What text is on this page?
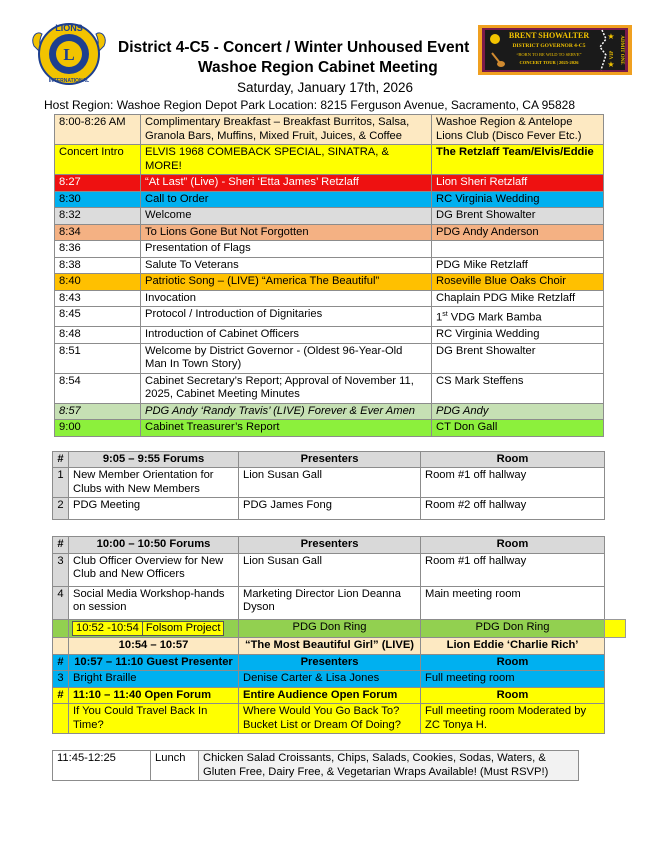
L
LIONS
INTERNATIONAL
BRENT SHOWALTER
DISTRICT GOVERNOR 4-C5
“BORN TO BE WILD TO SERVE”
CONCERT TOUR | 2025-2026
★
★
VIP ADMIT ONE
District 4-C5 - Concert / Winter Unhoused Event
Washoe Region Cabinet Meeting
Saturday, January 17th, 2026
Host Region: Washoe Region Depot Park Location: 8215 Ferguson Avenue, Sacramento, CA 95828
8:00-8:26 AM	Complimentary Breakfast – Breakfast Burritos, Salsa, Granola Bars, Muffins, Mixed Fruit, Juices, & Coffee	Washoe Region & Antelope Lions Club (Disco Fever Etc.)
Concert Intro	ELVIS 1968 COMEBACK SPECIAL, SINATRA, & MORE!	The Retzlaff Team/Elvis/Eddie
8:27	“At Last” (Live) - Sheri ‘Etta James’ Retzlaff	Lion Sheri Retzlaff
8:30	Call to Order	RC Virginia Wedding
8:32	Welcome	DG Brent Showalter
8:34	To Lions Gone But Not Forgotten	PDG Andy Anderson
8:36	Presentation of Flags	
8:38	Salute To Veterans	PDG Mike Retzlaff
8:40	Patriotic Song – (LIVE) “America The Beautiful”	Roseville Blue Oaks Choir
8:43	Invocation	Chaplain PDG Mike Retzlaff
8:45	Protocol / Introduction of Dignitaries	1st VDG Mark Bamba
8:48	Introduction of Cabinet Officers	RC Virginia Wedding
8:51	Welcome by District Governor - (Oldest 96-Year-Old Man In Town Story)	DG Brent Showalter
8:54	Cabinet Secretary’s Report; Approval of November 11, 2025, Cabinet Meeting Minutes	CS Mark Steffens
8:57	PDG Andy ‘Randy Travis’ (LIVE) Forever & Ever Amen	PDG Andy
9:00	Cabinet Treasurer’s Report	CT Don Gall
#	9:05 – 9:55 Forums	Presenters	Room
1	New Member Orientation for Clubs with New Members	Lion Susan Gall	Room #1 off hallway
2	PDG Meeting	PDG James Fong	Room #2 off hallway
#	10:00 – 10:50 Forums	Presenters	Room
3	Club Officer Overview for New Club and New Officers	Lion Susan Gall	Room #1 off hallway
4	Social Media Workshop-hands on session	Marketing Director Lion Deanna Dyson	Main meeting room
	10:52 -10:54 Folsom Project	PDG Don Ring	PDG Don Ring
	10:54 – 10:57	“The Most Beautiful Girl” (LIVE)	Lion Eddie ‘Charlie Rich’
#	10:57 – 11:10 Guest Presenter	Presenters	Room
3	Bright Braille	Denise Carter & Lisa Jones	Full meeting room
#	11:10 – 11:40 Open Forum	Entire Audience Open Forum	Room
	If You Could Travel Back In Time?	Where Would You Go Back To? Bucket List or Dream Of Doing?	Full meeting room Moderated by ZC Tonya H.
11:45-12:25	Lunch	Chicken Salad Croissants, Chips, Salads, Cookies, Sodas, Waters, & Gluten Free, Dairy Free, & Vegetarian Wraps Available! (Must RSVP!)
